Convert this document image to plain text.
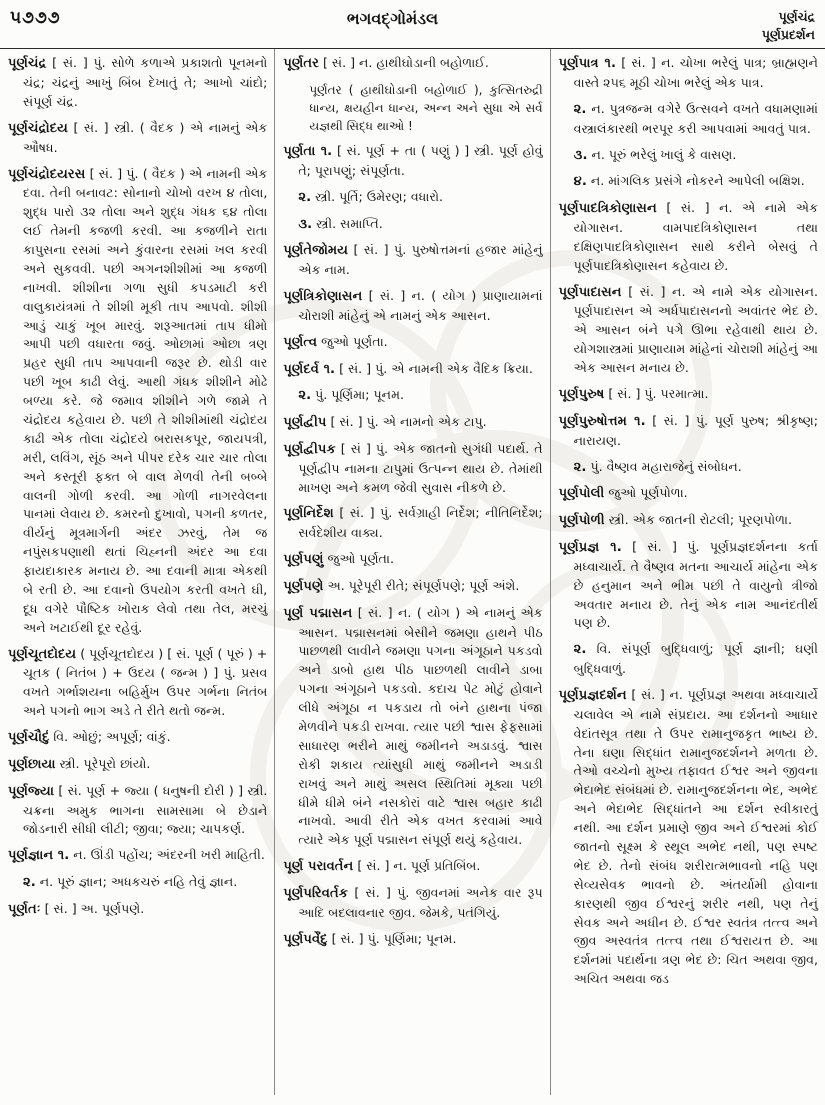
૫૭૭૭	ભગવદ્ગોમંડલ	પૂર્ણચંદ્ર
પૂર્ણપ્રદર્શન

પૂર્ણચંદ્ર [ સં. ] પું. સોળે કળાએ પ્રકાશતો પૂનમનો ચંદ્ર; ચંદ્રનું આખું બિંબ દેખાતું તે; આખો ચાંદો; સંપૂર્ણ ચંદ્ર.

પૂર્ણચંદ્રોદય [ સં. ] સ્ત્રી. ( વૈદક ) એ નામનું એક ઔષધ.

પૂર્ણચંદ્રોદયરસ [ સં. ] પું. ( વૈદક ) એ નામની એક દવા. તેની બનાવટ: સોનાનો ચોખો વરખ ૪ તોલા, શુદ્ધ પારો ૩૨ તોલા અને શુદ્ધ ગંધક ૬૪ તોલા લઈ તેમની કજળી કરવી. આ કજળીને રાતા કાપુસના રસમાં અને કુંવારના રસમાં ખલ કરવી અને સુકવવી. પછી અગનશીશીમાં આ કજળી નાખવી. શીશીના ગળા સુધી કપડમાટી કરી વાલુકાયંત્રમાં તે શીશી મૂકી તાપ આપવો. શીશી આડું ચાકું ખૂબ મારવું. શરૂઆતમાં તાપ ધીમો આપી પછી વધારતા જવું. ઓછામાં ઓછા ત્રણ પ્રહર સુધી તાપ આપવાની જરૂર છે. થોડી વાર પછી ખૂબ કાઢી લેવું. આથી ગંધક શીશીને મોઢે બળ્યા કરે. જે જમાવ શીશીને ગળે જામે તે ચંદ્રોદય કહેવાય છે. પછી તે શીશીમાંથી ચંદ્રોદય કાઢી એક તોલા ચંદ્રોદયે બરાસકપૂર, જાયપત્રી, મરી, લવિંગ, સૂંઠ અને પીપર દરેક ચાર ચાર તોલા અને કસ્તૂરી ફક્ત બે વાલ મેળવી તેની બબ્બે વાલની ગોળી કરવી. આ ગોળી નાગરવેલના પાનમાં લેવાય છે. કમરનો દુખાવો, પગની કળતર, વીર્યનું મૂત્રમાર્ગની અંદર ઝરવું, તેમ જ નપુંસકપણાથી થતાં ચિહ્નની અંદર આ દવા ફાયદાકારક મનાય છે. આ દવાની માત્રા એકથી બે રતી છે. આ દવાનો ઉપયોગ કરતી વખતે ઘી, દૂધ વગેરે પૌષ્ટિક ખોરાક લેવો તથા તેલ, મરચું અને ખટાઈથી દૂર રહેવું.

પૂર્ણચૂતદોદય ( પૂર્ણચૂતદોદય ) [ સં. પૂર્ણ ( પૂરું ) + ચૂતક ( નિતંબ ) + ઉદય ( જન્મ ) ] પું. પ્રસવ વખતે ગર્ભાશયના બહિર્મુખ ઉપર ગર્ભના નિતંબ અને પગનો ભાગ અડે તે રીતે થતો જન્મ.

પૂર્ણચૌદું વિ. ઓછું; અપૂર્ણ; વાંકું.

પૂર્ણછાયા સ્ત્રી. પૂરેપૂરો છાંયો.

પૂર્ણજ્યા [ સં. પૂર્ણ + જ્યા ( ધનુષની દોરી ) ] સ્ત્રી. ચક્રના અમુક ભાગના સામસામા બે છેડાને જોડનારી સીધી લીટી; જીવા; જ્યા; ચાપકર્ણ.

પૂર્ણજ્ઞાન ૧. ન. ઊંડી પહોંચ; અંદરની ખરી માહિતી.

૨. ન. પૂરું જ્ઞાન; અધકચરું નહિ તેવું જ્ઞાન.

પૂર્ણતઃ [ સં. ] અ. પૂર્ણપણે.

પૂર્ણતર [ સં. ] ન. હાથીઘોડાની બહોળાઈ.

રુદ્રી
પૂર્ણતર ( હાથીઘોડાની બહોળાઈ ), કુત્સિત ધાન્ય, ક્ષયહીન ધાન્ય, અન્ન અને સુધા એ સર્વ યજ્ઞથી સિદ્ધ થાઓ !

પૂર્ણતા ૧. [ સં. પૂર્ણ + તા ( પણું ) ] સ્ત્રી. પૂર્ણ હોવું તે; પૂરાપણું; સંપૂર્ણતા.

૨. સ્ત્રી. પૂર્તિ; ઉમેરણ; વધારો.

૩. સ્ત્રી. સમાપ્તિ.

પૂર્ણતેજોમય [ સં. ] પું. પુરુષોત્તમનાં હજાર માંહેનું એક નામ.

પૂર્ણત્રિકોણાસન [ સં. ] ન. ( યોગ ) પ્રાણાયામનાં ચોરાશી માંહેનું એ નામનું એક આસન.

પૂર્ણત્વ જુઓ પૂર્ણતા.

પૂર્ણદર્વ ૧. [ સં. ] પું. એ નામની એક વૈદિક ક્રિયા.

૨. પું. પૂર્ણિમા; પૂનમ.

પૂર્ણદ્વીપ [ સં. ] પું. એ નામનો એક ટાપુ.

પૂર્ણદ્વીપક [ સં ] પું. એક જાતનો સુગંધી પદાર્થ. તે પૂર્ણદ્વીપ નામના ટાપુમાં ઉત્પન્ન થાય છે. તેમાંથી માખણ અને કમળ જેવી સુવાસ નીકળે છે.

પૂર્ણનિર્દેશ [ સં. ] પું. સર્વગ્રાહી નિર્દેશ; નીતિનિર્દેશ; સર્વદેશીય વાક્ય.

પૂર્ણપણું જુઓ પૂર્ણતા.

પૂર્ણપણે અ. પૂરેપૂરી રીતે; સંપૂર્ણપણે; પૂર્ણ અંશે.

પૂર્ણ પદ્માસન [ સં. ] ન. ( યોગ ) એ નામનું એક આસન. પદ્માસનમાં બેસીને જમણા હાથને પીઠ પાછળથી લાવીને જમણા પગના અંગૂઠાને પકડવો અને ડાબો હાથ પીઠ પાછળથી લાવીને ડાબા પગના અંગૂઠાને પકડવો. કદાચ પેટ મોટું હોવાને લીધે અંગૂઠા ન પકડાય તો બંને હાથના પંજા મેળવીને પકડી રાખવા. ત્યાર પછી શ્વાસ ફેફસામાં સાધારણ ભરીને માથું જમીનને અડાડવું. શ્વાસ રોકી શકાય ત્યાંસુધી માથું જમીનને અડાડી રાખવું અને માથું અસલ સ્થિતિમાં મૂક્યા પછી ધીમે ધીમે બંને નસકોરાં વાટે શ્વાસ બહાર કાઢી નાખવો. આવી રીતે એક વખત કરવામાં આવે ત્યારે એક પૂર્ણ પદ્માસન સંપૂર્ણ થયું કહેવાય.

પૂર્ણ પરાવર્તન [ સં. ] ન. પૂર્ણ પ્રતિબિંબ.

પૂર્ણપરિવર્તક [ સં. ] પું. જીવનમાં અનેક વાર રૂપ આદિ બદલાવનાર જીવ. જેમકે, પતંગિયું.

પૂર્ણપર્વેંદુ [ સં. ] પું. પૂર્ણિમા; પૂનમ.

પૂર્ણપાત્ર ૧. [ સં. ] ન. ચોખા ભરેલું પાત્ર; બ્રાહ્મણને વાસ્તે ૨૫૬ મૂઠી ચોખા ભરેલું એક પાત્ર.

૨. ન. પુત્રજન્મ વગેરે ઉત્સવને વખતે વધામણામાં વસ્ત્રાલંકારથી ભરપૂર કરી આપવામાં આવતું પાત્ર.

૩. ન. પૂરું ભરેલું ખાલું કે વાસણ.

૪. ન. માંગલિક પ્રસંગે નોકરને આપેલી બક્ષિશ.

પૂર્ણપાદત્રિકોણાસન [ સં. ] ન. એ નામે એક યોગાસન. વામપાદત્રિકોણાસન તથા દક્ષિણપાદત્રિકોણાસન સાથે કરીને બેસવું તે પૂર્ણપાદત્રિકોણાસન કહેવાય છે.

પૂર્ણપાદાસન [ સં. ] ન. એ નામે એક યોગાસન. પૂર્ણપાદાસન એ અર્ધપાદાસનનો અવાંતર ભેદ છે. એ આસન બંને પગે ઊભા રહેવાથી થાય છે. યોગશાસ્ત્રમાં પ્રાણાયામ માંહેનાં ચોરાશી માંહેનું આ એક આસન મનાય છે.

પૂર્ણપુરુષ [ સં. ] પું. પરમાત્મા.

પૂર્ણપુરુષોત્તમ ૧. [ સં. ] પું. પૂર્ણ પુરુષ; શ્રીકૃષ્ણ; નારાયણ.

૨. પું. વૈષ્ણવ મહારાજેનું સંબોધન.

પૂર્ણપોલી જુઓ પૂર્ણપોળા.

પૂર્ણપોળી સ્ત્રી. એક જાતની રોટલી; પૂરણપોળા.

પૂર્ણપ્રજ્ઞ ૧. [ સં. ] પું. પૂર્ણપ્રજ્ઞદર્શનના કર્તા મધ્વાચાર્ય. તે વૈષ્ણવ મતના આચાર્ય માંહેના એક છે હનુમાન અને ભીમ પછી તે વાયુનો ત્રીજો અવતાર મનાય છે. તેનું એક નામ આનંદતીર્થ પણ છે.

૨. વિ. સંપૂર્ણ બુદ્ધિવાળું; પૂર્ણ જ્ઞાની; ઘણી બુદ્ધિવાળું.

પૂર્ણપ્રજ્ઞદર્શન [ સં. ] ન. પૂર્ણપ્રજ્ઞ અથવા મધ્વાચાર્યે ચલાવેલ એ નામે સંપ્રદાય. આ દર્શનનો આધાર વેદાંતસૂત્ર તથા તે ઉપર રામાનુજકૃત ભાષ્ય છે. તેના ઘણા સિદ્ધાંત રામાનુજદર્શનને મળતા છે. તેઓ વચ્ચેનો મુખ્ય તફાવત ઈશ્વર અને જીવના ભેદાભેદ સંબંધમાં છે. રામાનુજદર્શનના ભેદ, અભેદ અને ભેદાભેદ સિદ્ધાંતને આ દર્શન સ્વીકારતું નથી. આ દર્શન પ્રમાણે જીવ અને ઈશ્વરમાં કોઈ જાતનો સૂક્ષ્મ કે સ્થૂલ અભેદ નથી, પણ સ્પષ્ટ ભેદ છે. તેનો સંબંધ શરીરાત્મભાવનો નહિ પણ સેવ્યસેવક ભાવનો છે. અંતર્યામી હોવાના કારણથી જીવ ઈશ્વરનું શરીર નથી, પણ તેનું સેવક અને અધીન છે. ઈશ્વર સ્વતંત્ર તત્ત્વ અને જીવ અસ્વતંત્ર તત્ત્વ તથા ઈશ્વરાયત્ત છે. આ દર્શનમાં પદાર્થના ત્રણ ભેદ છે: ચિત અથવા જીવ, અચિત અથવા જડ
